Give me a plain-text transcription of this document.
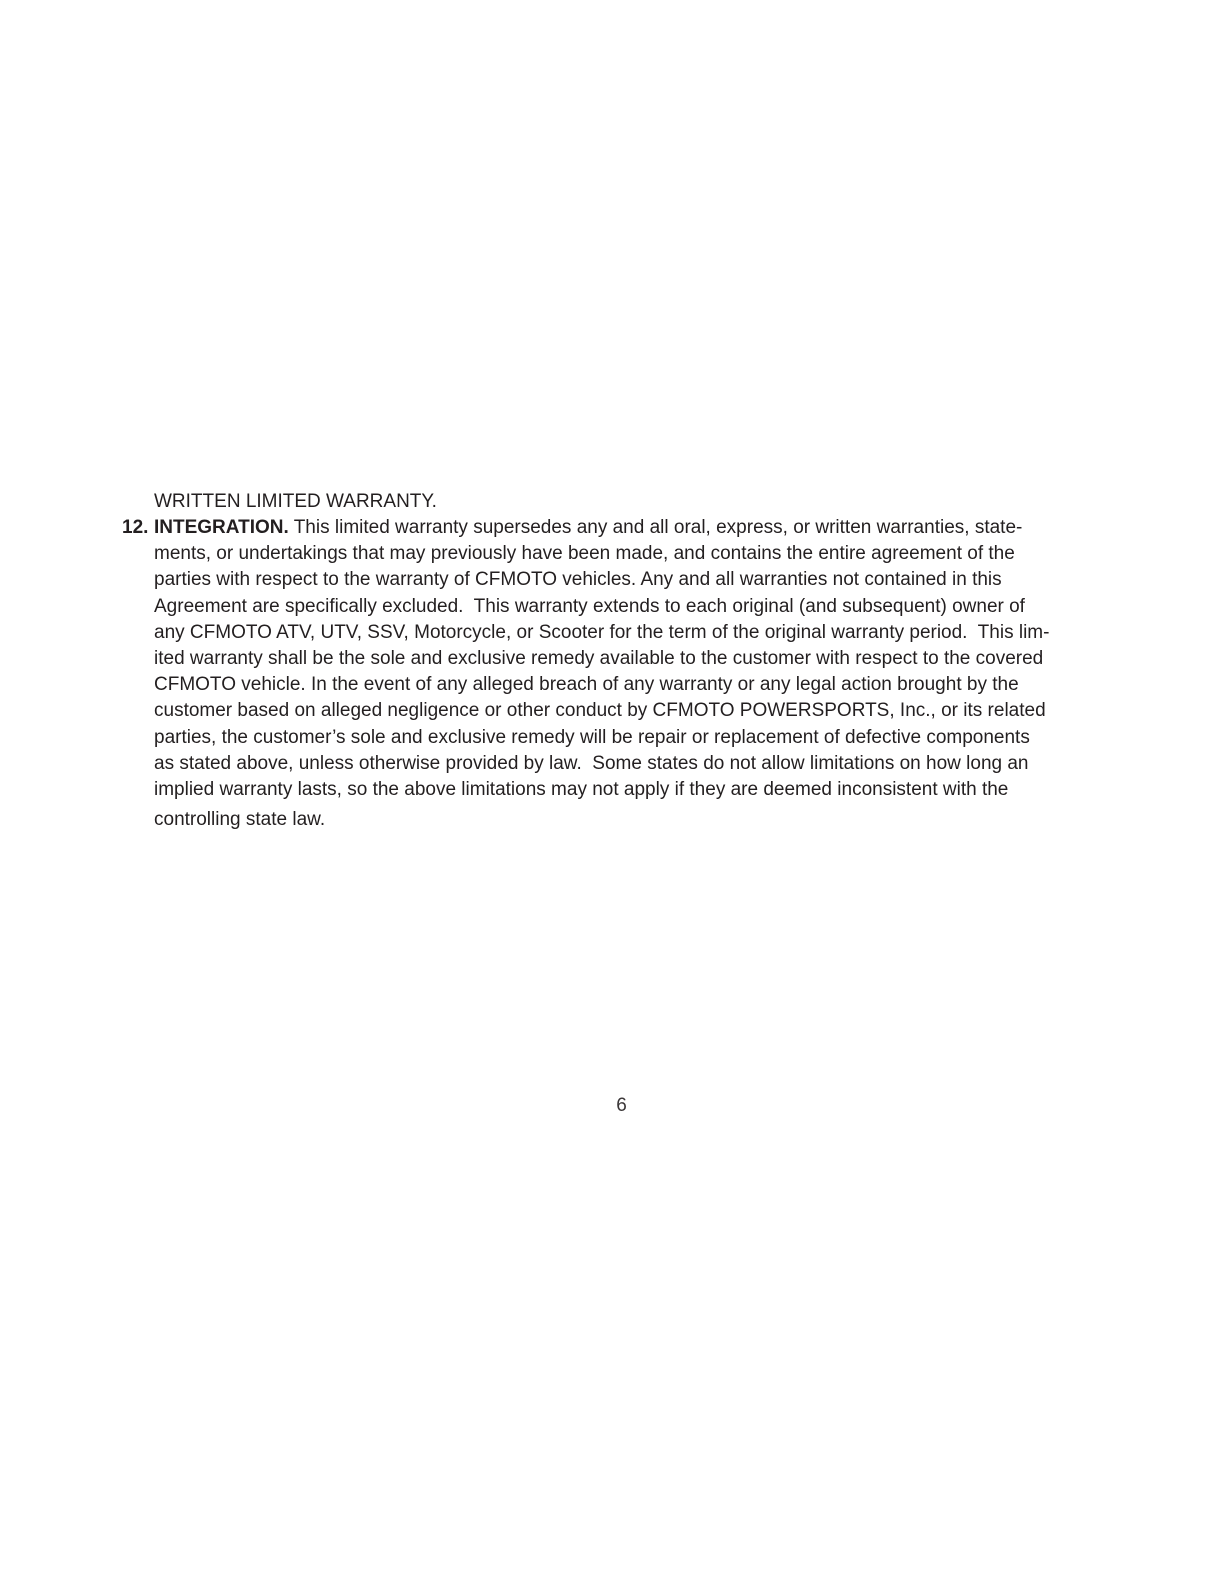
WRITTEN LIMITED WARRANTY.

12. INTEGRATION. This limited warranty supersedes any and all oral, express, or written warranties, state-
ments, or undertakings that may previously have been made, and contains the entire agreement of the
parties with respect to the warranty of CFMOTO vehicles. Any and all warranties not contained in this
Agreement are specifically excluded.  This warranty extends to each original (and subsequent) owner of
any CFMOTO ATV, UTV, SSV, Motorcycle, or Scooter for the term of the original warranty period.  This lim-
ited warranty shall be the sole and exclusive remedy available to the customer with respect to the covered
CFMOTO vehicle. In the event of any alleged breach of any warranty or any legal action brought by the
customer based on alleged negligence or other conduct by CFMOTO POWERSPORTS, Inc., or its related
parties, the customer’s sole and exclusive remedy will be repair or replacement of defective components
as stated above, unless otherwise provided by law.  Some states do not allow limitations on how long an
implied warranty lasts, so the above limitations may not apply if they are deemed inconsistent with the
controlling state law.

6
